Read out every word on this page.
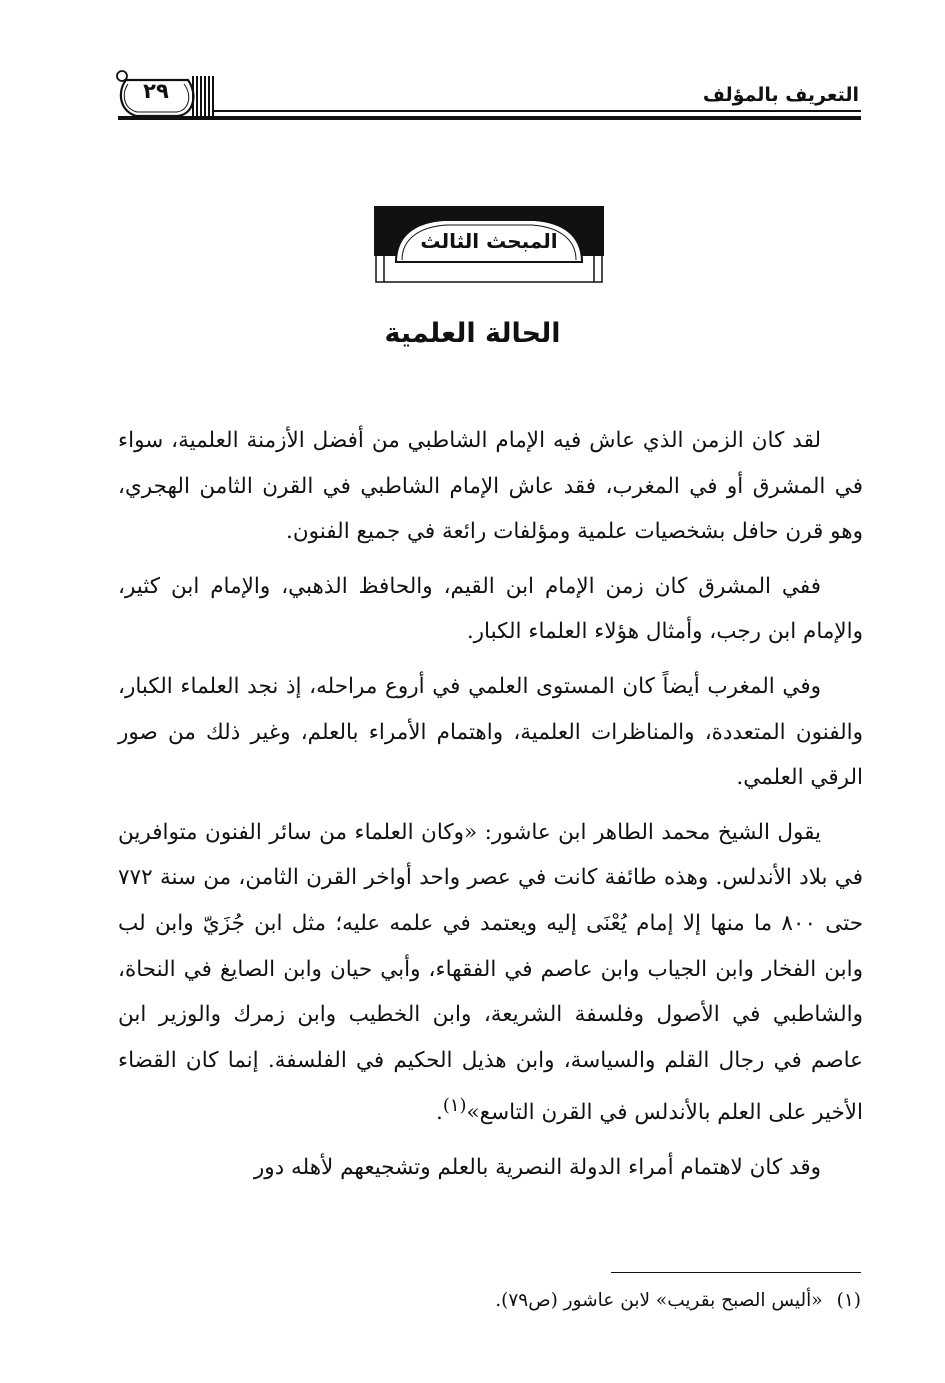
التعريف بالمؤلف
٢٩
المبحث الثالث
الحالة العلمية

لقد كان الزمن الذي عاش فيه الإمام الشاطبي من أفضل الأزمنة العلمية، سواء في المشرق أو في المغرب، فقد عاش الإمام الشاطبي في القرن الثامن الهجري، وهو قرن حافل بشخصيات علمية ومؤلفات رائعة في جميع الفنون.

ففي المشرق كان زمن الإمام ابن القيم، والحافظ الذهبي، والإمام ابن كثير، والإمام ابن رجب، وأمثال هؤلاء العلماء الكبار.

وفي المغرب أيضاً كان المستوى العلمي في أروع مراحله، إذ نجد العلماء الكبار، والفنون المتعددة، والمناظرات العلمية، واهتمام الأمراء بالعلم، وغير ذلك من صور الرقي العلمي.

يقول الشيخ محمد الطاهر ابن عاشور: «وكان العلماء من سائر الفنون متوافرين في بلاد الأندلس. وهذه طائفة كانت في عصر واحد أواخر القرن الثامن، من سنة ٧٧٢ حتى ٨٠٠ ما منها إلا إمام يُعْنَى إليه ويعتمد في علمه عليه؛ مثل ابن جُزَيّ وابن لب وابن الفخار وابن الجياب وابن عاصم في الفقهاء، وأبي حيان وابن الصايغ في النحاة، والشاطبي في الأصول وفلسفة الشريعة، وابن الخطيب وابن زمرك والوزير ابن عاصم في رجال القلم والسياسة، وابن هذيل الحكيم في الفلسفة. إنما كان القضاء الأخير على العلم بالأندلس في القرن التاسع»$^{(١)}$.

وقد كان لاهتمام أمراء الدولة النصرية بالعلم وتشجيعهم لأهله دور

(١)«أليس الصبح بقريب» لابن عاشور (ص٧٩).
